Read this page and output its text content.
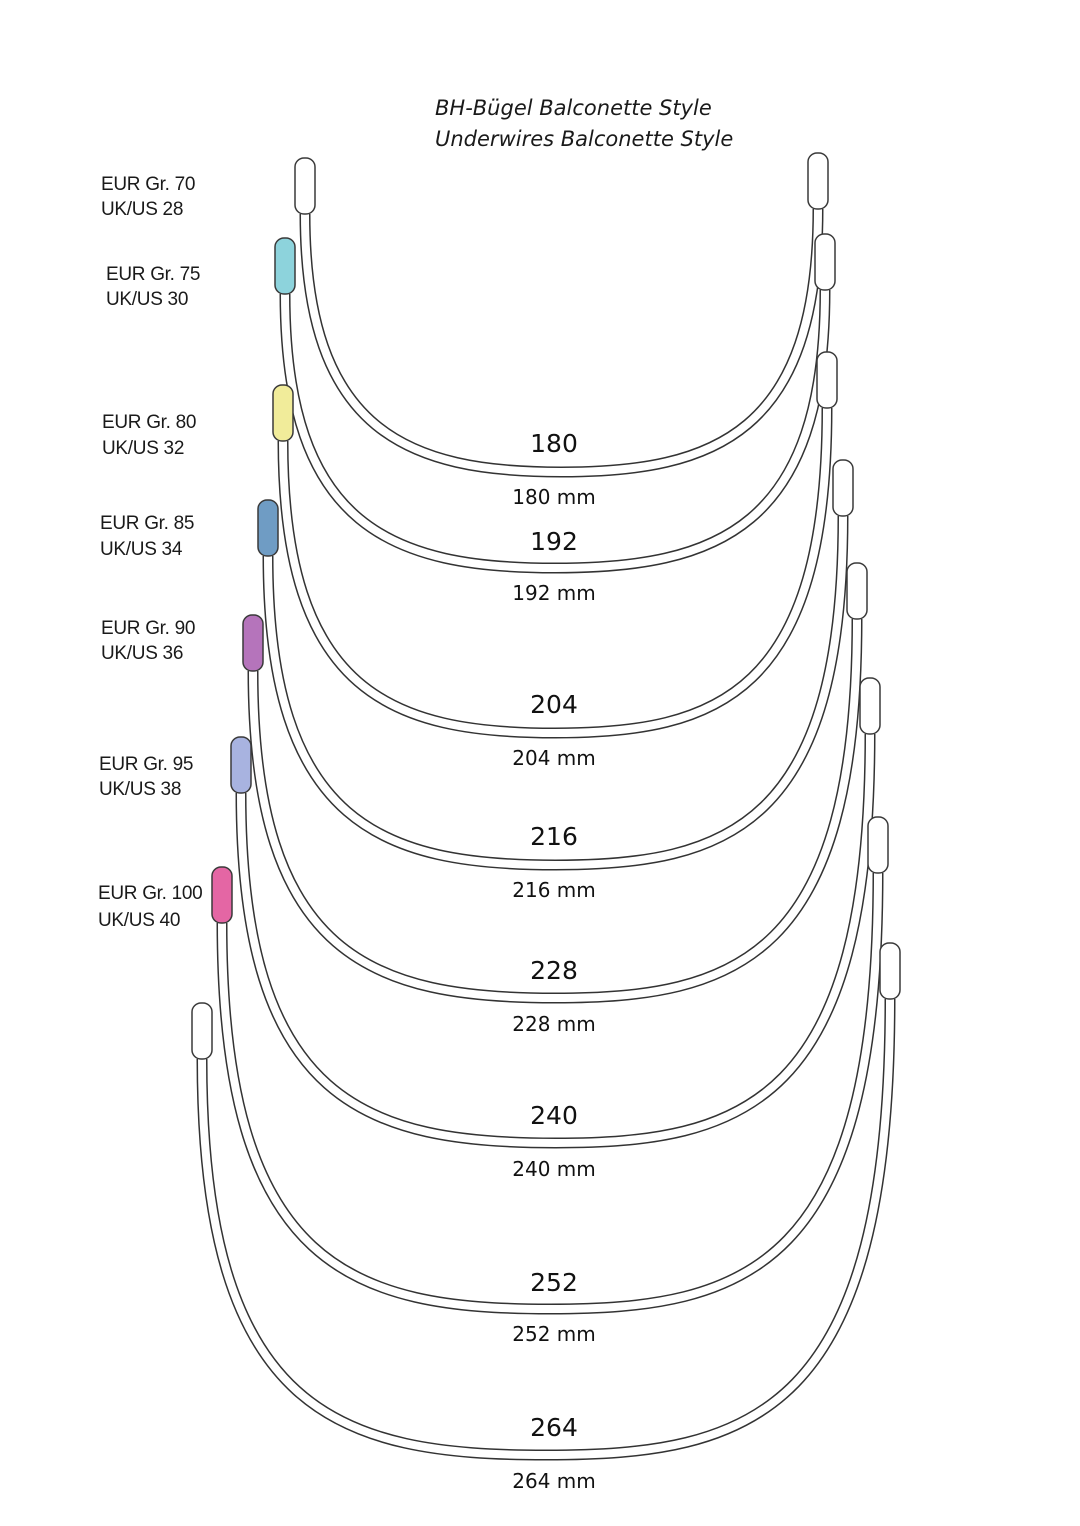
BH-Bügel Balconette Style
Underwires Balconette Style
EUR Gr. 70
UK/US 28
EUR Gr. 75
UK/US 30
EUR Gr. 80
UK/US 32
EUR Gr. 85
UK/US 34
EUR Gr. 90
UK/US 36
EUR Gr. 95
UK/US 38
EUR Gr. 100
UK/US 40
180
180 mm
192
192 mm
204
204 mm
216
216 mm
228
228 mm
240
240 mm
252
252 mm
264
264 mm
